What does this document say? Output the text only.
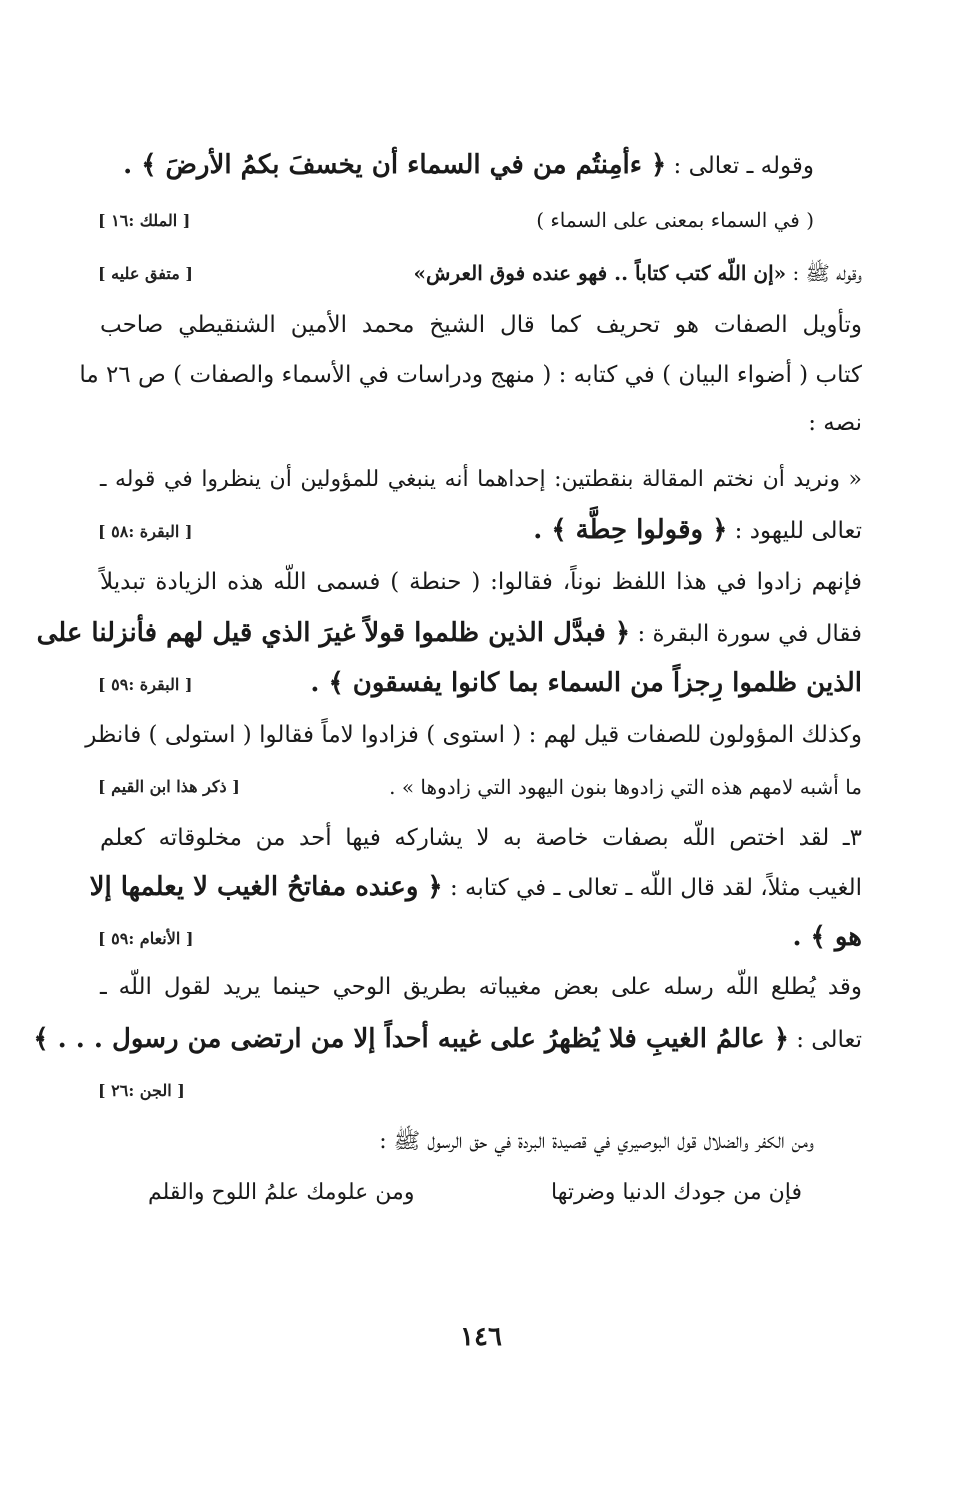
وقوله ـ تعالى : ﴿ ءأمِنتُم من في السماء أن يخسفَ بكمُ الأرضَ ﴾ .
( في السماء بمعنى على السماء )
[ الملك :١٦ ]
وقوله ﷺ : «إن اللّه كتب كتاباً .. فهو عنده فوق العرش»
[ متفق عليه ]
وتأويل الصفات هو تحريف كما قال الشيخ محمد الأمين الشنقيطي صاحب
كتاب ( أضواء البيان ) في كتابه : ( منهج ودراسات في الأسماء والصفات ) ص ٢٦ ما
نصه :
« ونريد أن نختم المقالة بنقطتين: إحداهما أنه ينبغي للمؤولين أن ينظروا في قوله ـ
تعالى لليهود : ﴿ وقولوا حِطَّة ﴾ .
[ البقرة :٥٨ ]
فإنهم زادوا في هذا اللفظ نوناً، فقالوا: ( حنطة ) فسمى اللّه هذه الزيادة تبديلاً
فقال في سورة البقرة : ﴿ فبدَّل الذين ظلموا قولاً غيرَ الذي قيل لهم فأنزلنا على
الذين ظلموا رِجزاً من السماء بما كانوا يفسقون ﴾ .
[ البقرة :٥٩ ]
وكذلك المؤولون للصفات قيل لهم : ( استوى ) فزادوا لاماً فقالوا ( استولى ) فانظر
ما أشبه لامهم هذه التي زادوها بنون اليهود التي زادوها » .
[ ذكر هذا ابن القيم ]
٣ـ لقد اختص اللّه بصفات خاصة به لا يشاركه فيها أحد من مخلوقاته كعلم
الغيب مثلاً، لقد قال اللّه ـ تعالى ـ في كتابه : ﴿ وعنده مفاتحُ الغيب لا يعلمها إلا
هو ﴾ .
[ الأنعام :٥٩ ]
وقد يُطلع اللّه رسله على بعض مغيباته بطريق الوحي حينما يريد لقول اللّه ـ
تعالى : ﴿ عالمُ الغيبِ فلا يُظهرُ على غيبه أحداً إلا من ارتضى من رسول . . . ﴾
[ الجن :٢٦ ]
ومن الكفر والضلال قول البوصيري في قصيدة البردة في حق الرسول ﷺ :
فإن من جودك الدنيا وضرتها
ومن علومك علمُ اللوح والقلم
١٤٦
